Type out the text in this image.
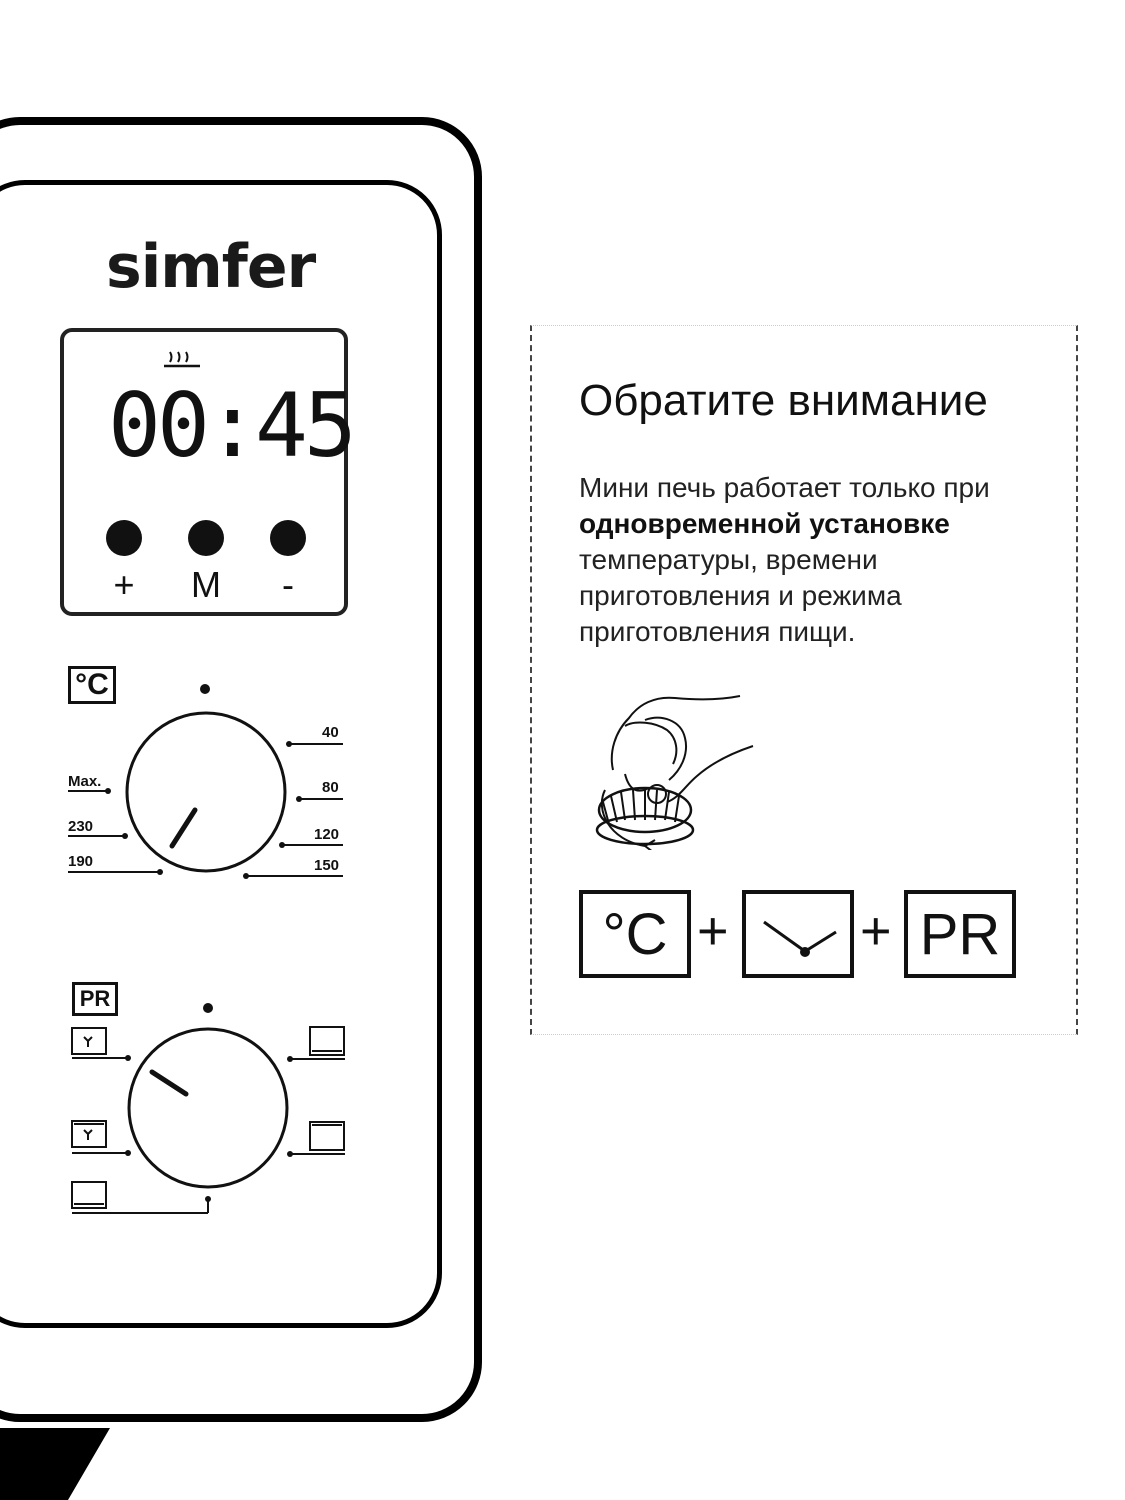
simfer
00:45
+ M	-
°C
40
80
120
150
190
230
Max.
PR
Обратите внимание
Мини печь работает только при одновременной установке температуры, времени приготовления и режима приготовления пищи.
°C + + PR
